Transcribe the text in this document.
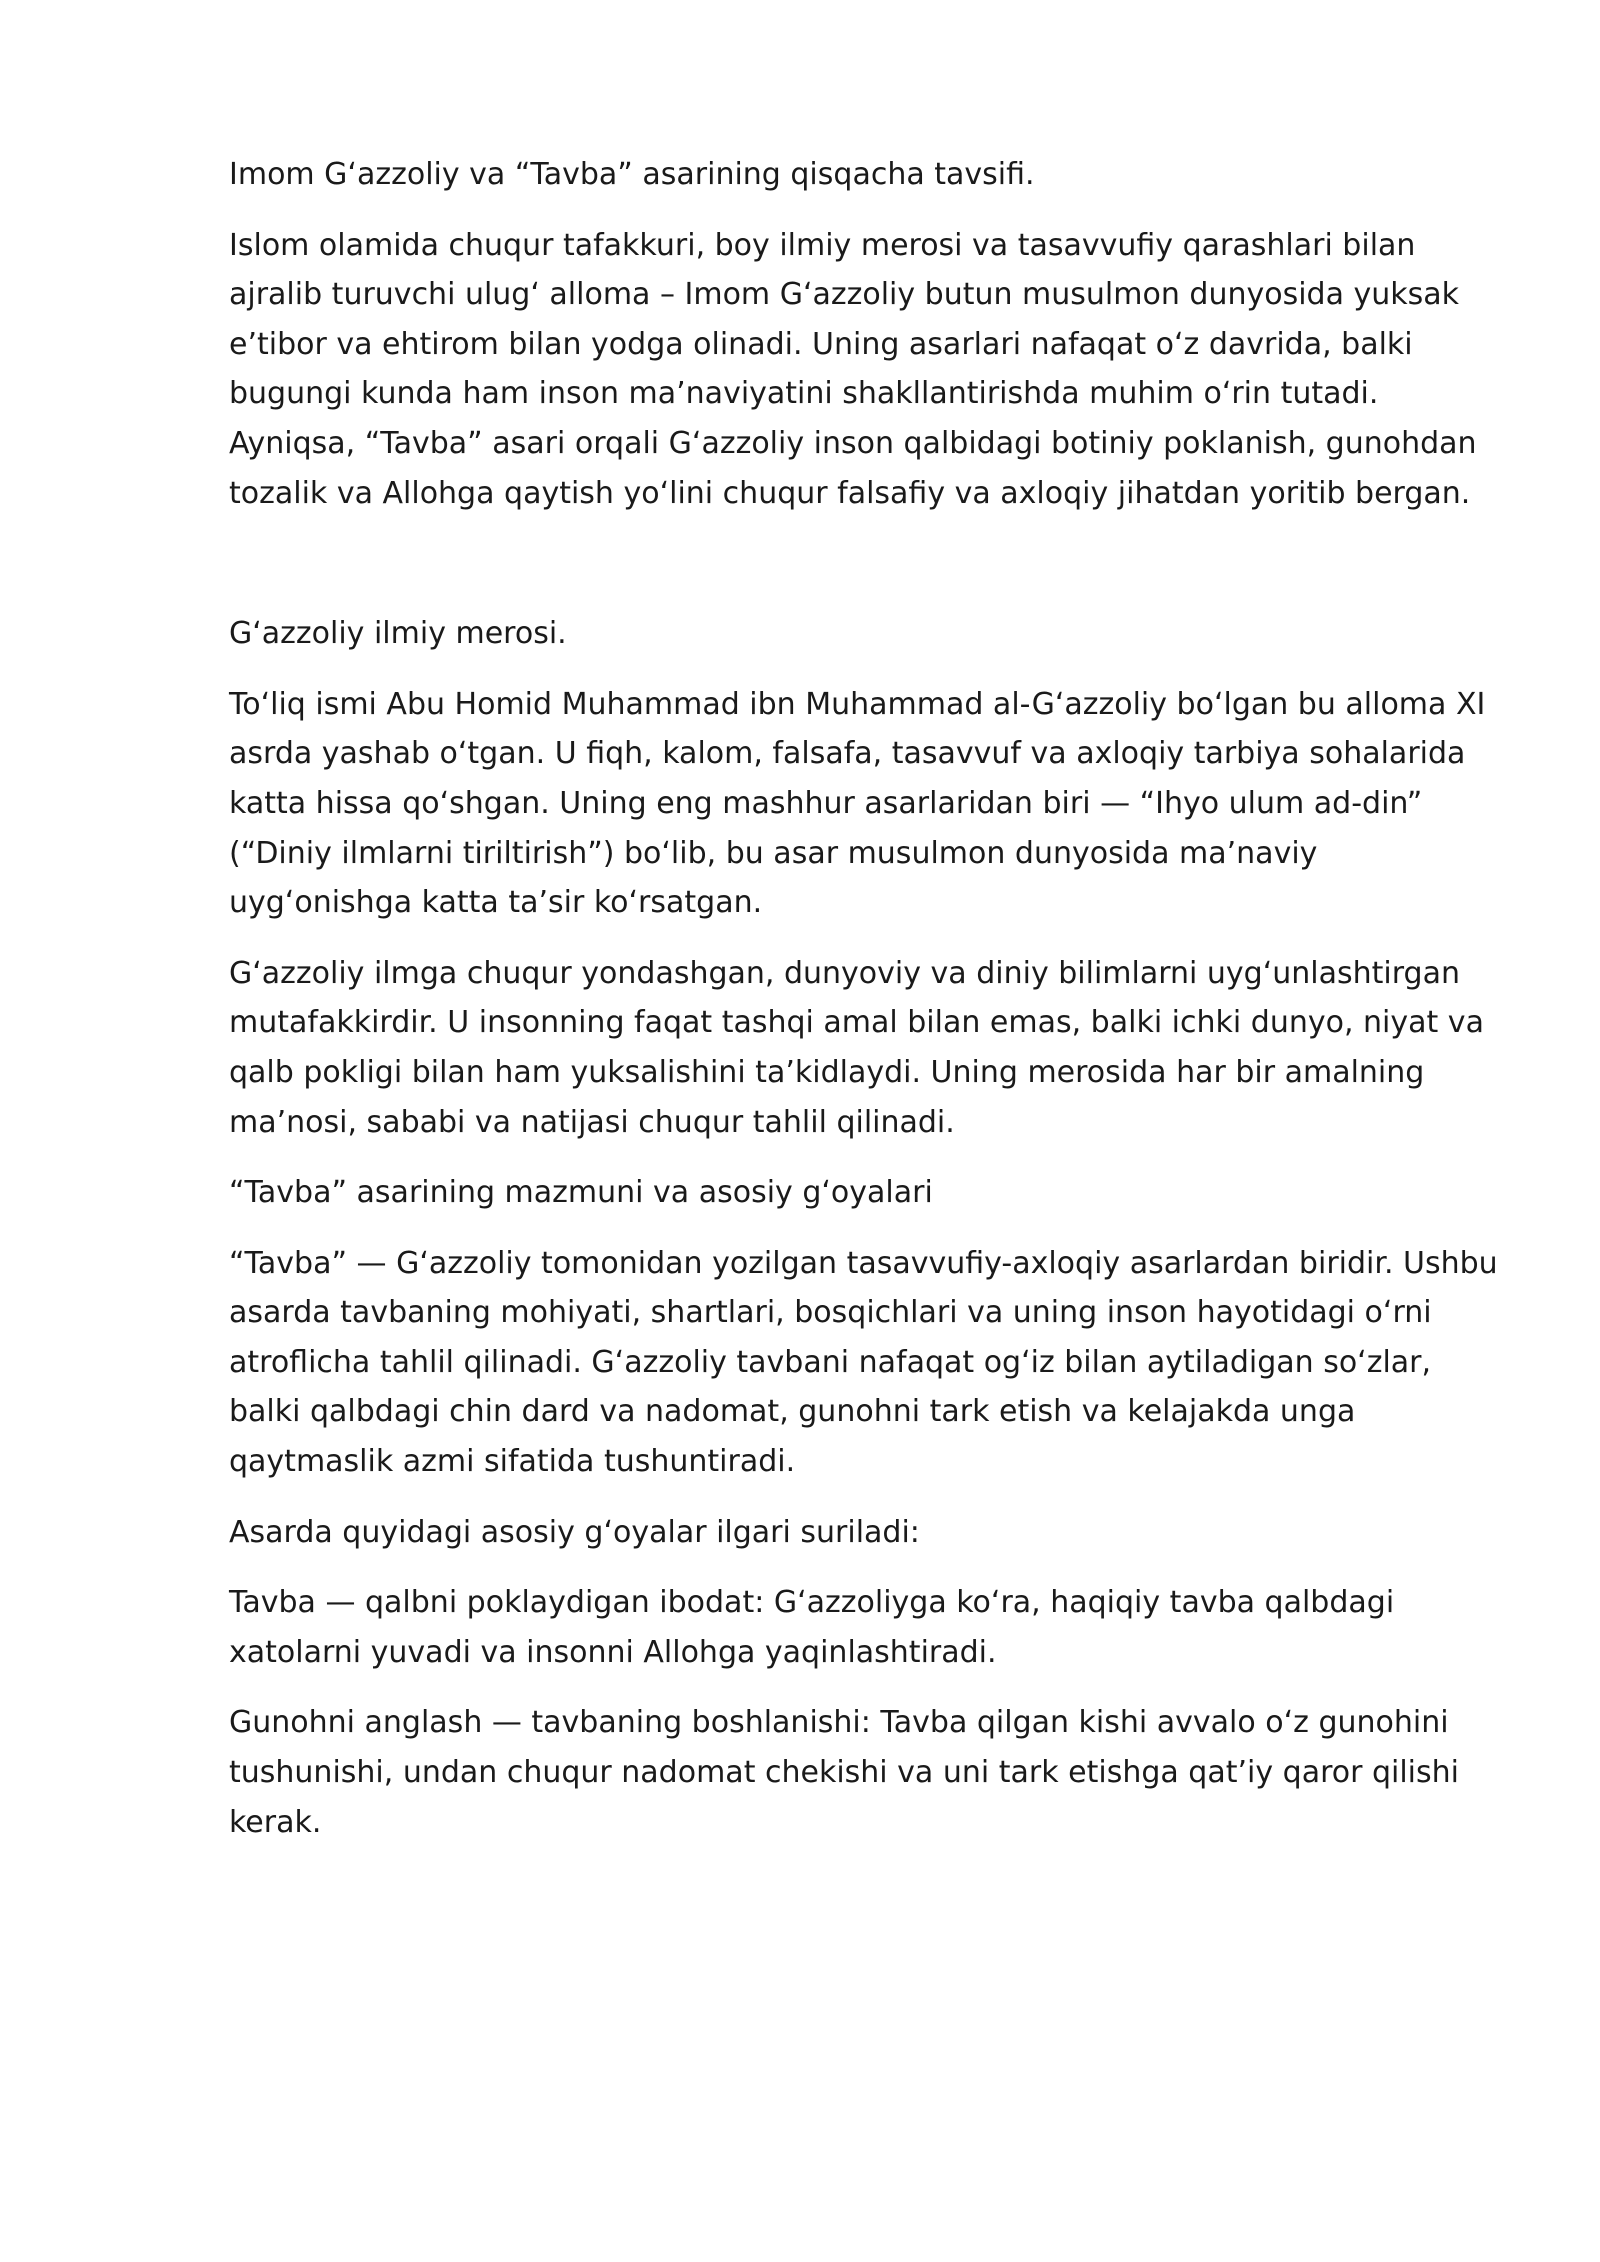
Imom Gʻazzoliy va “Tavba” asarining qisqacha tavsifi.

Islom olamida chuqur tafakkuri, boy ilmiy merosi va tasavvufiy qarashlari bilan ajralib turuvchi ulugʻ alloma – Imom Gʻazzoliy butun musulmon dunyosida yuksak eʼtibor va ehtirom bilan yodga olinadi. Uning asarlari nafaqat oʻz davrida, balki bugungi kunda ham inson maʼnaviyatini shakllantirishda muhim oʻrin tutadi. Ayniqsa, “Tavba” asari orqali Gʻazzoliy inson qalbidagi botiniy poklanish, gunohdan tozalik va Allohga qaytish yoʻlini chuqur falsafiy va axloqiy jihatdan yoritib bergan.

Gʻazzoliy ilmiy merosi.

Toʻliq ismi Abu Homid Muhammad ibn Muhammad al-Gʻazzoliy boʻlgan bu alloma XI asrda yashab oʻtgan. U fiqh, kalom, falsafa, tasavvuf va axloqiy tarbiya sohalarida katta hissa qoʻshgan. Uning eng mashhur asarlaridan biri — “Ihyo ulum ad-din” (“Diniy ilmlarni tiriltirish”) boʻlib, bu asar musulmon dunyosida maʼnaviy uygʻonishga katta taʼsir koʻrsatgan.

Gʻazzoliy ilmga chuqur yondashgan, dunyoviy va diniy bilimlarni uygʻunlashtirgan mutafakkirdir. U insonning faqat tashqi amal bilan emas, balki ichki dunyo, niyat va qalb pokligi bilan ham yuksalishini taʼkidlaydi. Uning merosida har bir amalning maʼnosi, sababi va natijasi chuqur tahlil qilinadi.

“Tavba” asarining mazmuni va asosiy gʻoyalari

“Tavba” — Gʻazzoliy tomonidan yozilgan tasavvufiy-axloqiy asarlardan biridir. Ushbu asarda tavbaning mohiyati, shartlari, bosqichlari va uning inson hayotidagi oʻrni atroflicha tahlil qilinadi. Gʻazzoliy tavbani nafaqat ogʻiz bilan aytiladigan soʻzlar, balki qalbdagi chin dard va nadomat, gunohni tark etish va kelajakda unga qaytmaslik azmi sifatida tushuntiradi.

Asarda quyidagi asosiy gʻoyalar ilgari suriladi:

Tavba — qalbni poklaydigan ibodat: Gʻazzoliyga koʻra, haqiqiy tavba qalbdagi xatolarni yuvadi va insonni Allohga yaqinlashtiradi.

Gunohni anglash — tavbaning boshlanishi: Tavba qilgan kishi avvalo oʻz gunohini tushunishi, undan chuqur nadomat chekishi va uni tark etishga qatʼiy qaror qilishi kerak.
